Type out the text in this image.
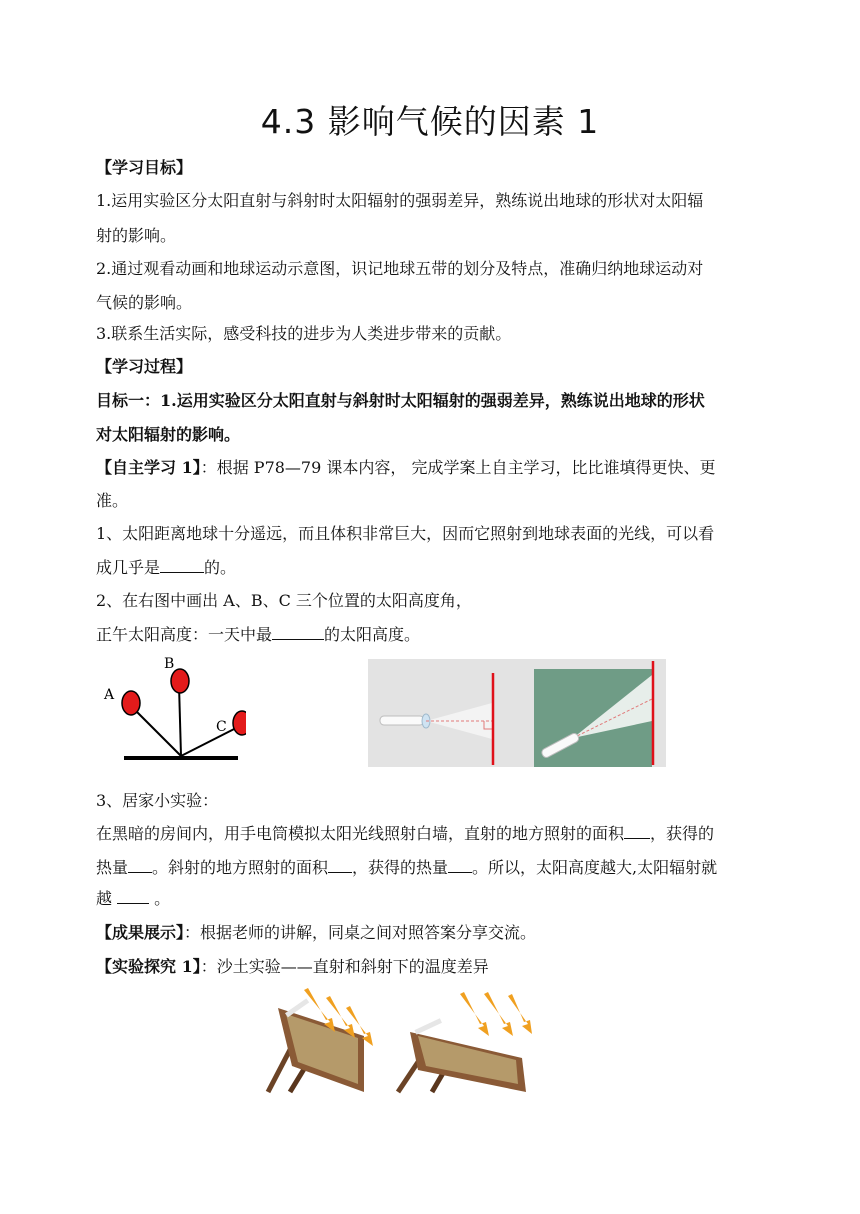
4.3 影响气候的因素 1
【学习目标】
1.运用实验区分太阳直射与斜射时太阳辐射的强弱差异，熟练说出地球的形状对太阳辐
射的影响。
2.通过观看动画和地球运动示意图，识记地球五带的划分及特点，准确归纳地球运动对
气候的影响。
3.联系生活实际，感受科技的进步为人类进步带来的贡献。
【学习过程】
目标一：1.运用实验区分太阳直射与斜射时太阳辐射的强弱差异，熟练说出地球的形状
对太阳辐射的影响。
【自主学习 1】：根据 P78—79 课本内容， 完成学案上自主学习，比比谁填得更快、更
准。
1、太阳距离地球十分遥远，而且体积非常巨大，因而它照射到地球表面的光线，可以看
成几乎是	的。
2、在右图中画出 A、B、C 三个位置的太阳高度角，
正午太阳高度：一天中最	的太阳高度。
A
B
C
3、居家小实验：
在黑暗的房间内，用手电筒模拟太阳光线照射白墙，直射的地方照射的面积 ，获得的
热量 。斜射的地方照射的面积 ，获得的热量 。所以，太阳高度越大,太阳辐射就
越  。
【成果展示】：根据老师的讲解，同桌之间对照答案分享交流。
【实验探究 1】：沙土实验——直射和斜射下的温度差异
